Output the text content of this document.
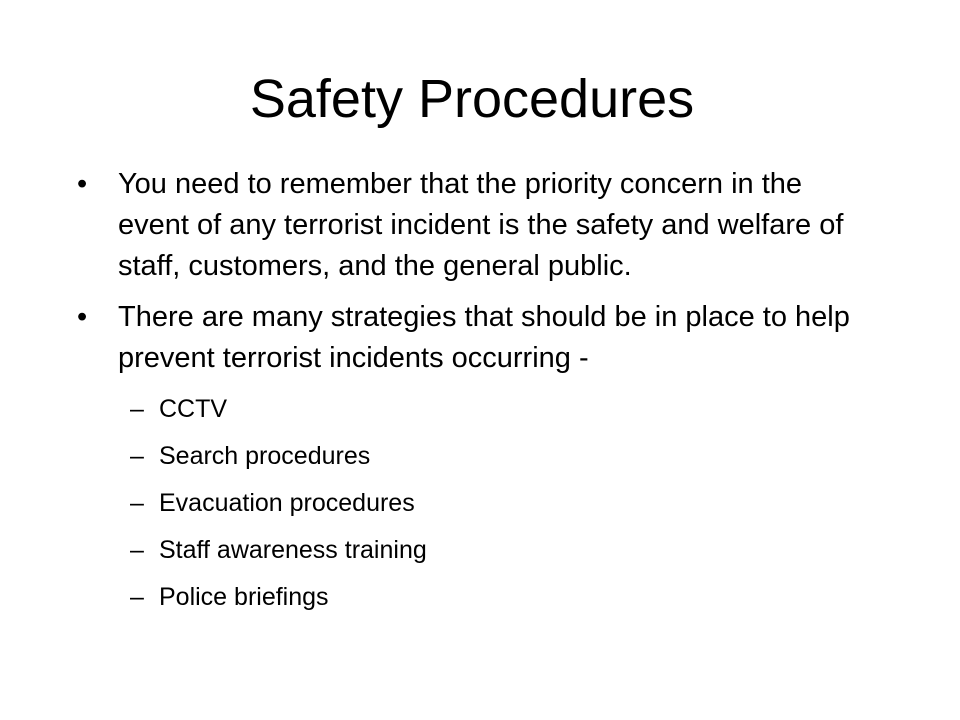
Safety Procedures
• You need to remember that the priority concern in the event of any terrorist incident is the safety and welfare of staff, customers, and the general public.
• There are many strategies that should be in place to help prevent terrorist incidents occurring -
– CCTV
– Search procedures
– Evacuation procedures
– Staff awareness training
– Police briefings
